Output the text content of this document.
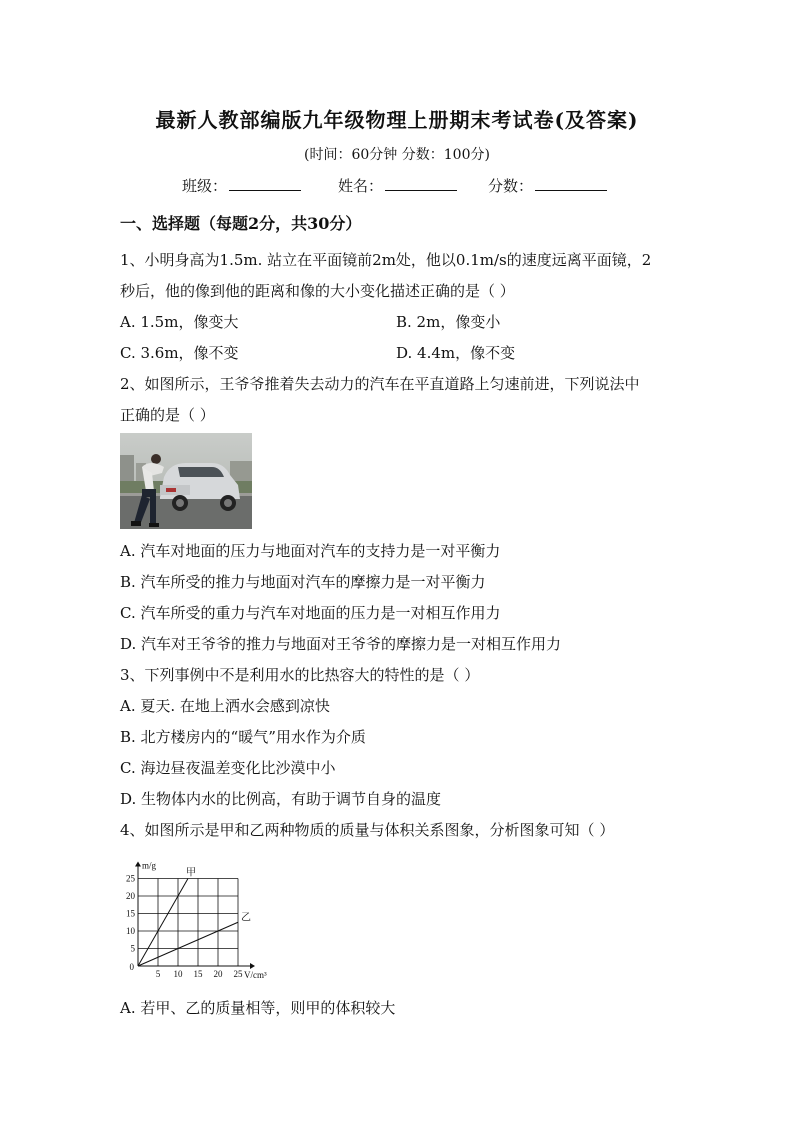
最新人教部编版九年级物理上册期末考试卷(及答案)
(时间：60分钟 分数：100分)
班级：	姓名：	分数：
一、选择题（每题2分，共30分）
1、小明身高为1.5m. 站立在平面镜前2m处，他以0.1m/s的速度远离平面镜，2
秒后，他的像到他的距离和像的大小变化描述正确的是（ ）
A. 1.5m，像变大	B. 2m，像变小
C. 3.6m，像不变	D. 4.4m，像不变
2、如图所示，王爷爷推着失去动力的汽车在平直道路上匀速前进，下列说法中
正确的是（ ）
A. 汽车对地面的压力与地面对汽车的支持力是一对平衡力
B. 汽车所受的推力与地面对汽车的摩擦力是一对平衡力
C. 汽车所受的重力与汽车对地面的压力是一对相互作用力
D. 汽车对王爷爷的推力与地面对王爷爷的摩擦力是一对相互作用力
3、下列事例中不是利用水的比热容大的特性的是（ ）
A. 夏天. 在地上洒水会感到凉快
B. 北方楼房内的“暖气”用水作为介质
C. 海边昼夜温差变化比沙漠中小
D. 生物体内水的比例高，有助于调节自身的温度
4、如图所示是甲和乙两种物质的质量与体积关系图象，分析图象可知（ ）
5
10
15
20
25
5 10 15 20 25
m/g
V/cm³
0
甲
乙
A. 若甲、乙的质量相等，则甲的体积较大
